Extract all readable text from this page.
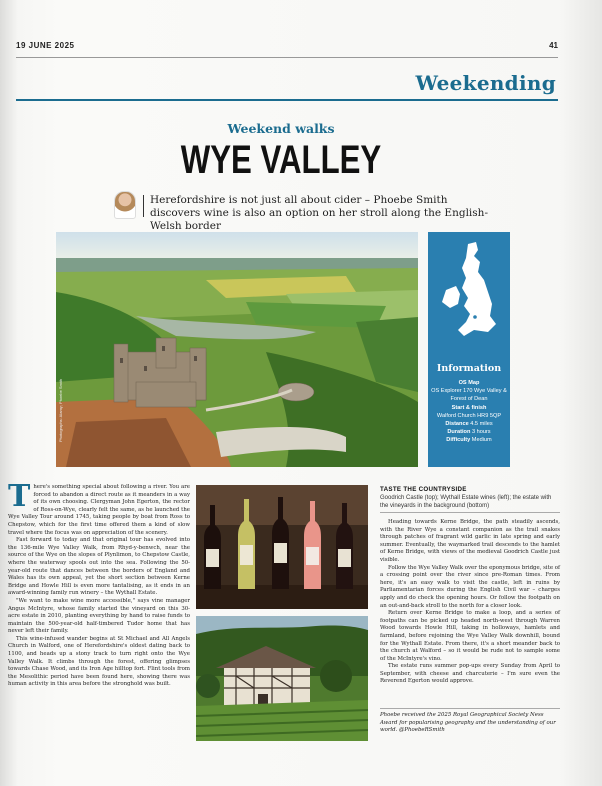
19 JUNE 2025	41
Weekending
Weekend walks
WYE VALLEY
Herefordshire is not just all about cider – Phoebe Smith discovers wine is also an option on her stroll along the English-Welsh border
Photographs: Alamy; Phoebe Smith
Information
OS Map
OS Explorer 170 Wye Valley & Forest of Dean
Start & finish
Walford Church HR9 5QP
Distance 4.5 miles
Duration 3 hours
Difficulty Medium
T here's something special about following a river. You are forced to abandon a direct route as it meanders in a way of its own choosing. Clergyman John Egerton, the rector of Ross-on-Wye, clearly felt the same, as he launched the Wye Valley Tour around 1745, taking people by boat from Ross to Chepstow, which for the first time offered them a kind of slow travel where the focus was on appreciation of the scenery.

Fast forward to today and that original tour has evolved into the 136-mile Wye Valley Walk, from Rhyd-y-benwch, near the source of the Wye on the slopes of Plynlimon, to Chepstow Castle, where the waterway spools out into the sea. Following the 50-year-old route that dances between the borders of England and Wales has its own appeal, yet the short section between Kerne Bridge and Howle Hill is even more tantalising, as it ends in an award-winning family run winery – the Wythall Estate.

"We want to make wine more accessible," says vine manager Angus McIntyre, whose family started the vineyard on this 30-acre estate in 2010, planting everything by hand to raise funds to maintain the 500-year-old half-timbered Tudor home that has never left their family.

This wine-infused wander begins at St Michael and All Angels Church in Walford, one of Herefordshire's oldest dating back to 1100, and heads up a stony track to turn right onto the Wye Valley Walk. It climbs through the forest, offering glimpses towards Chase Wood, and its Iron Age hilltop fort. Flint tools from the Mesolithic period have been found here, showing there was human activity in this area before the stronghold was built.

TASTE THE COUNTRYSIDE
Goodrich Castle (top); Wythall Estate wines (left); the estate with the vineyards in the background (bottom)

Heading towards Kerne Bridge, the path steadily ascends, with the River Wye a constant companion as the trail snakes through patches of fragrant wild garlic in late spring and early summer. Eventually, the waymarked trail descends to the hamlet of Kerne Bridge, with views of the medieval Goodrich Castle just visible.

Follow the Wye Valley Walk over the eponymous bridge, site of a crossing point over the river since pre-Roman times. From here, it's an easy walk to visit the castle, left in ruins by Parliamentarian forces during the English Civil war – charges apply and do check the opening hours. Or follow the footpath on an out-and-back stroll to the north for a closer look.

Return over Kerne Bridge to make a loop, and a series of footpaths can be picked up headed north-west through Warren Wood towards Howle Hill, taking in holloways, hamlets and farmland, before rejoining the Wye Valley Walk downhill, bound for the Wythall Estate. From there, it's a short meander back to the church at Walford – so it would be rude not to sample some of the McIntyre's vino.

The estate runs summer pop-ups every Sunday from April to September, with cheese and charcuterie – I'm sure even the Reverend Egerton would approve.

Phoebe received the 2025 Royal Geographical Society Ness Award for popularising geography and the understanding of our world. @PhoebeRSmith
